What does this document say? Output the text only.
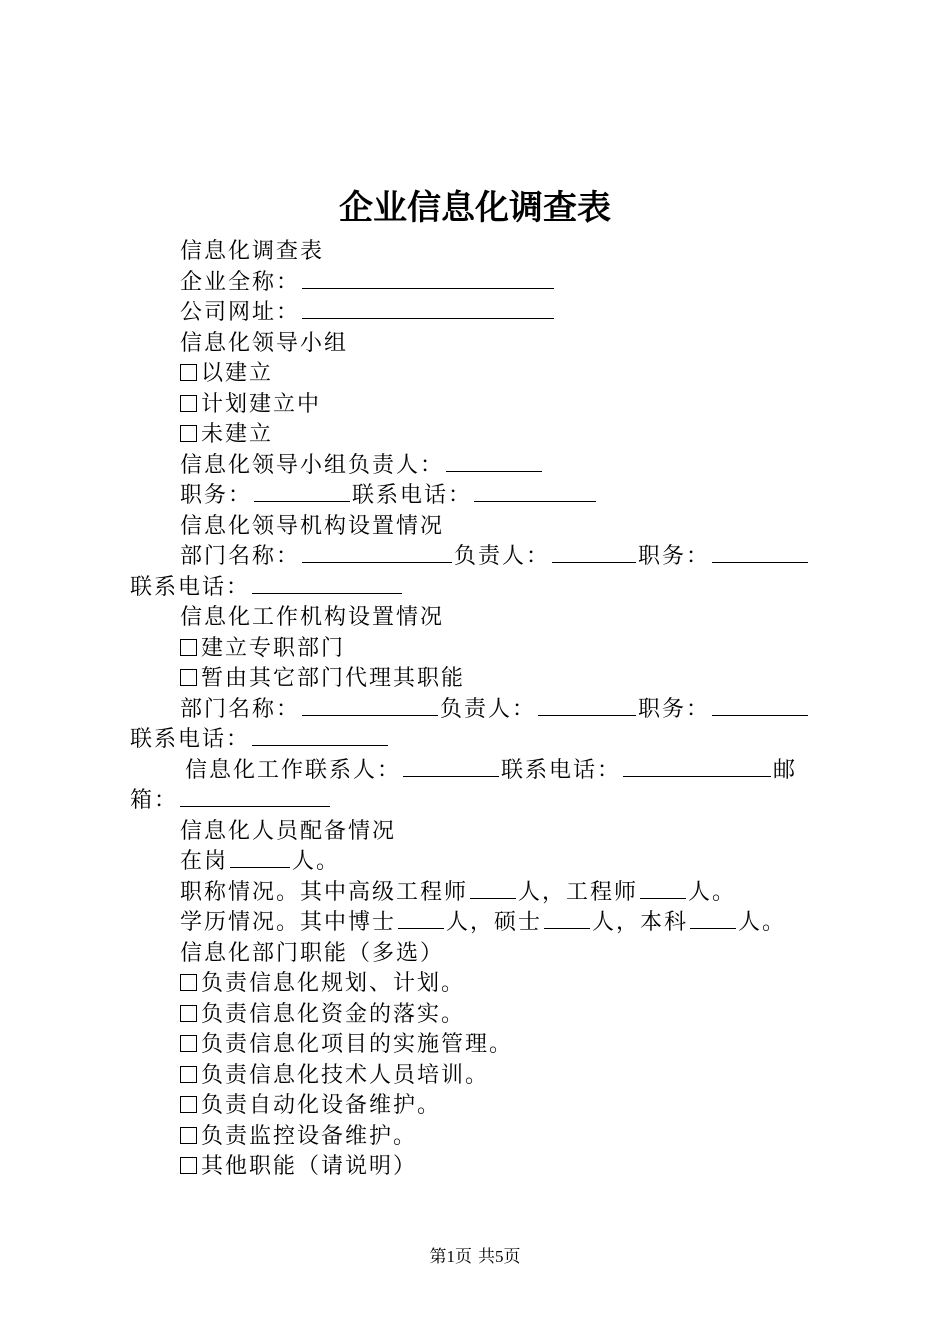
企业信息化调查表
信息化调查表
企业全称：
公司网址：
信息化领导小组
以建立
计划建立中
未建立
信息化领导小组负责人：
职务：	联系电话：
信息化领导机构设置情况
部门名称：	负责人：	职务：
联系电话：
信息化工作机构设置情况
建立专职部门
暂由其它部门代理其职能
部门名称：	负责人：	职务：
联系电话：
信息化工作联系人：	联系电话：	邮
箱：
信息化人员配备情况
在岗	人。
职称情况。其中高级工程师 人，工程师 人。
学历情况。其中博士 人，硕士 人，本科 人。
信息化部门职能（多选）
负责信息化规划、计划。
负责信息化资金的落实。
负责信息化项目的实施管理。
负责信息化技术人员培训。
负责自动化设备维护。
负责监控设备维护。
其他职能（请说明）
第1页 共5页
